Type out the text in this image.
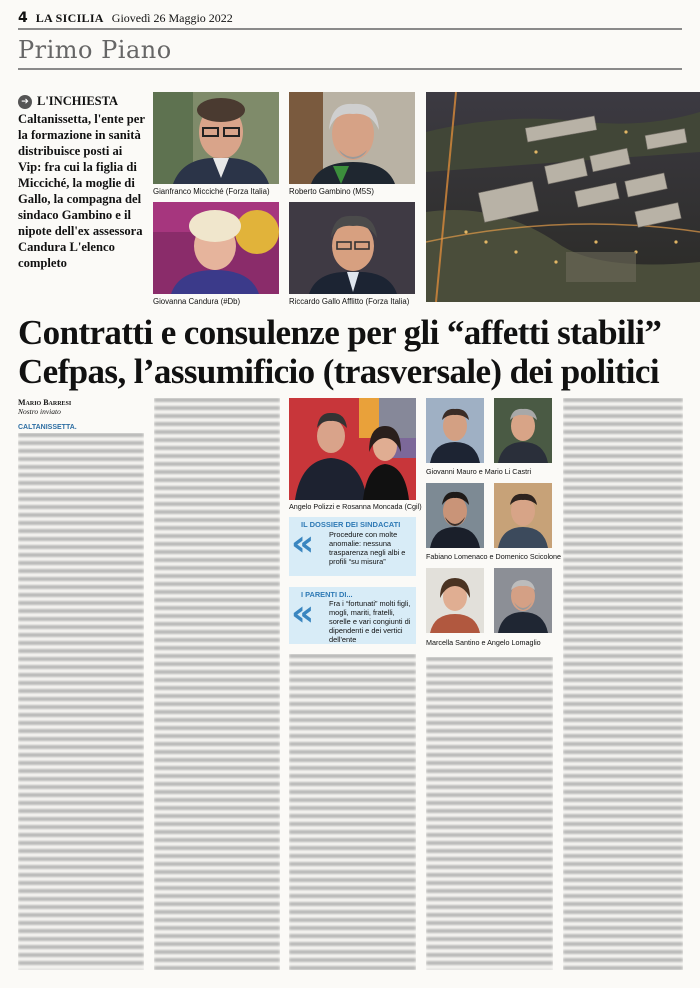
4 LA SICILIA Giovedì 26 Maggio 2022
Primo Piano
➔ L'INCHIESTA
Caltanissetta, l'ente per la formazione in sanità distribuisce posti ai Vip: fra cui la figlia di Micciché, la moglie di Gallo, la compagna del sindaco Gambino e il nipote dell'ex assessora Candura L'elenco completo
Gianfranco Micciché (Forza Italia) Roberto Gambino (M5S)
Giovanna Candura (#Db)	Riccardo Gallo Afflitto (Forza Italia)
Contratti e consulenze per gli “affetti stabili”
Cefpas, l’assumificio (trasversale) dei politici
Mario Barresi
Nostro inviato
CALTANISSETTA.
Angelo Polizzi e Rosanna Moncada (Cgil)
IL DOSSIER DEI SINDACATI
« Procedure con molte anomalie: nessuna trasparenza negli albi e profili “su misura”
«
I PARENTI DI...
Fra i “fortunati” molti figli, mogli, mariti, fratelli, sorelle e vari congiunti di dipendenti e dei vertici dell'ente
Giovanni Mauro e Mario Li Castri
Fabiano Lomenaco e Domenico Scicolone
Marcella Santino e Angelo Lomaglio
